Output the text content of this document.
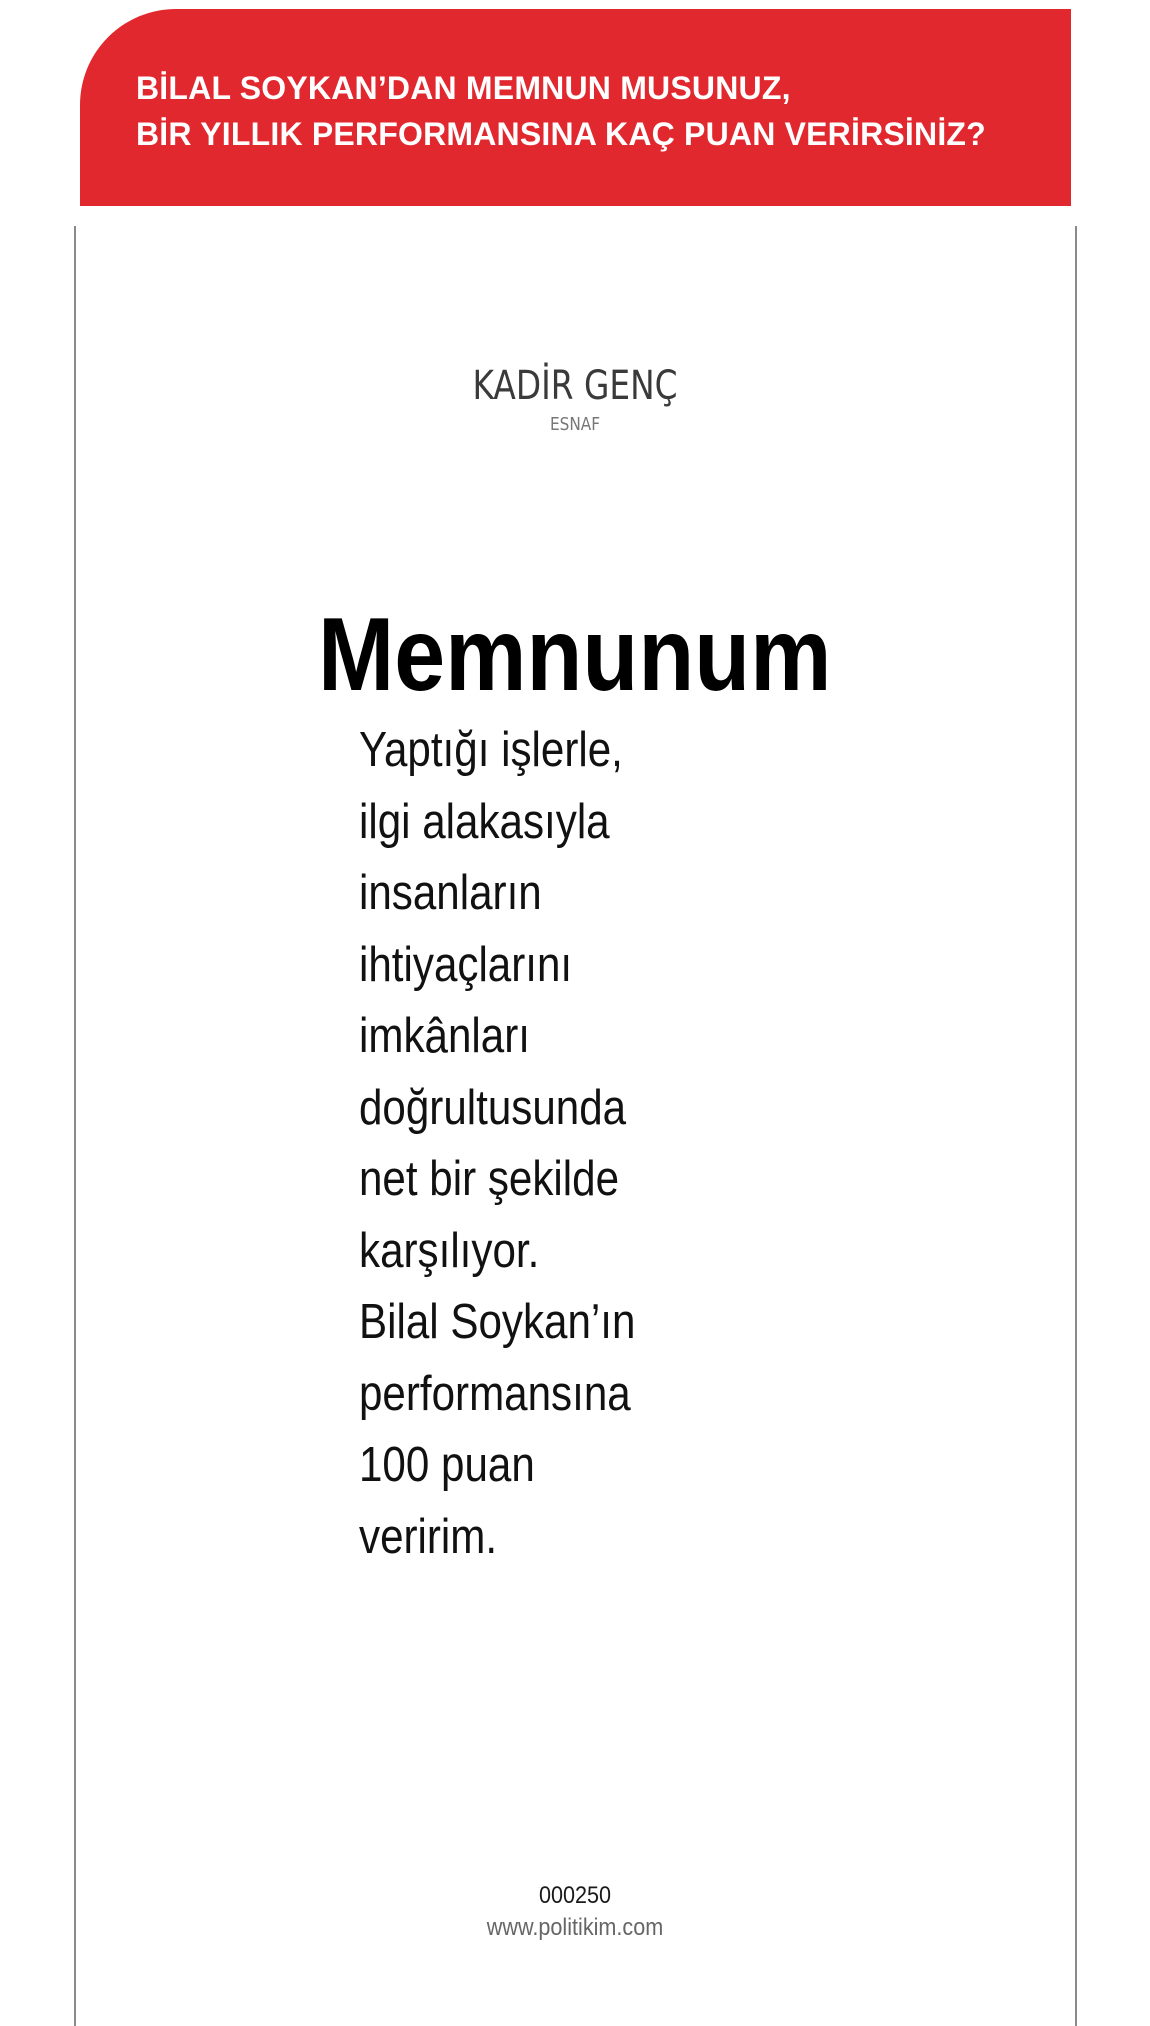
BİLAL SOYKAN’DAN MEMNUN MUSUNUZ,
BİR YILLIK PERFORMANSINA KAÇ PUAN VERİRSİNİZ?
KADİR GENÇ
ESNAF
Memnunum
Yaptığı işlerle,
ilgi alakasıyla
insanların
ihtiyaçlarını
imkânları
doğrultusunda
net bir şekilde
karşılıyor.
Bilal Soykan’ın
performansına
100 puan
veririm.
000250
www.politikim.com
